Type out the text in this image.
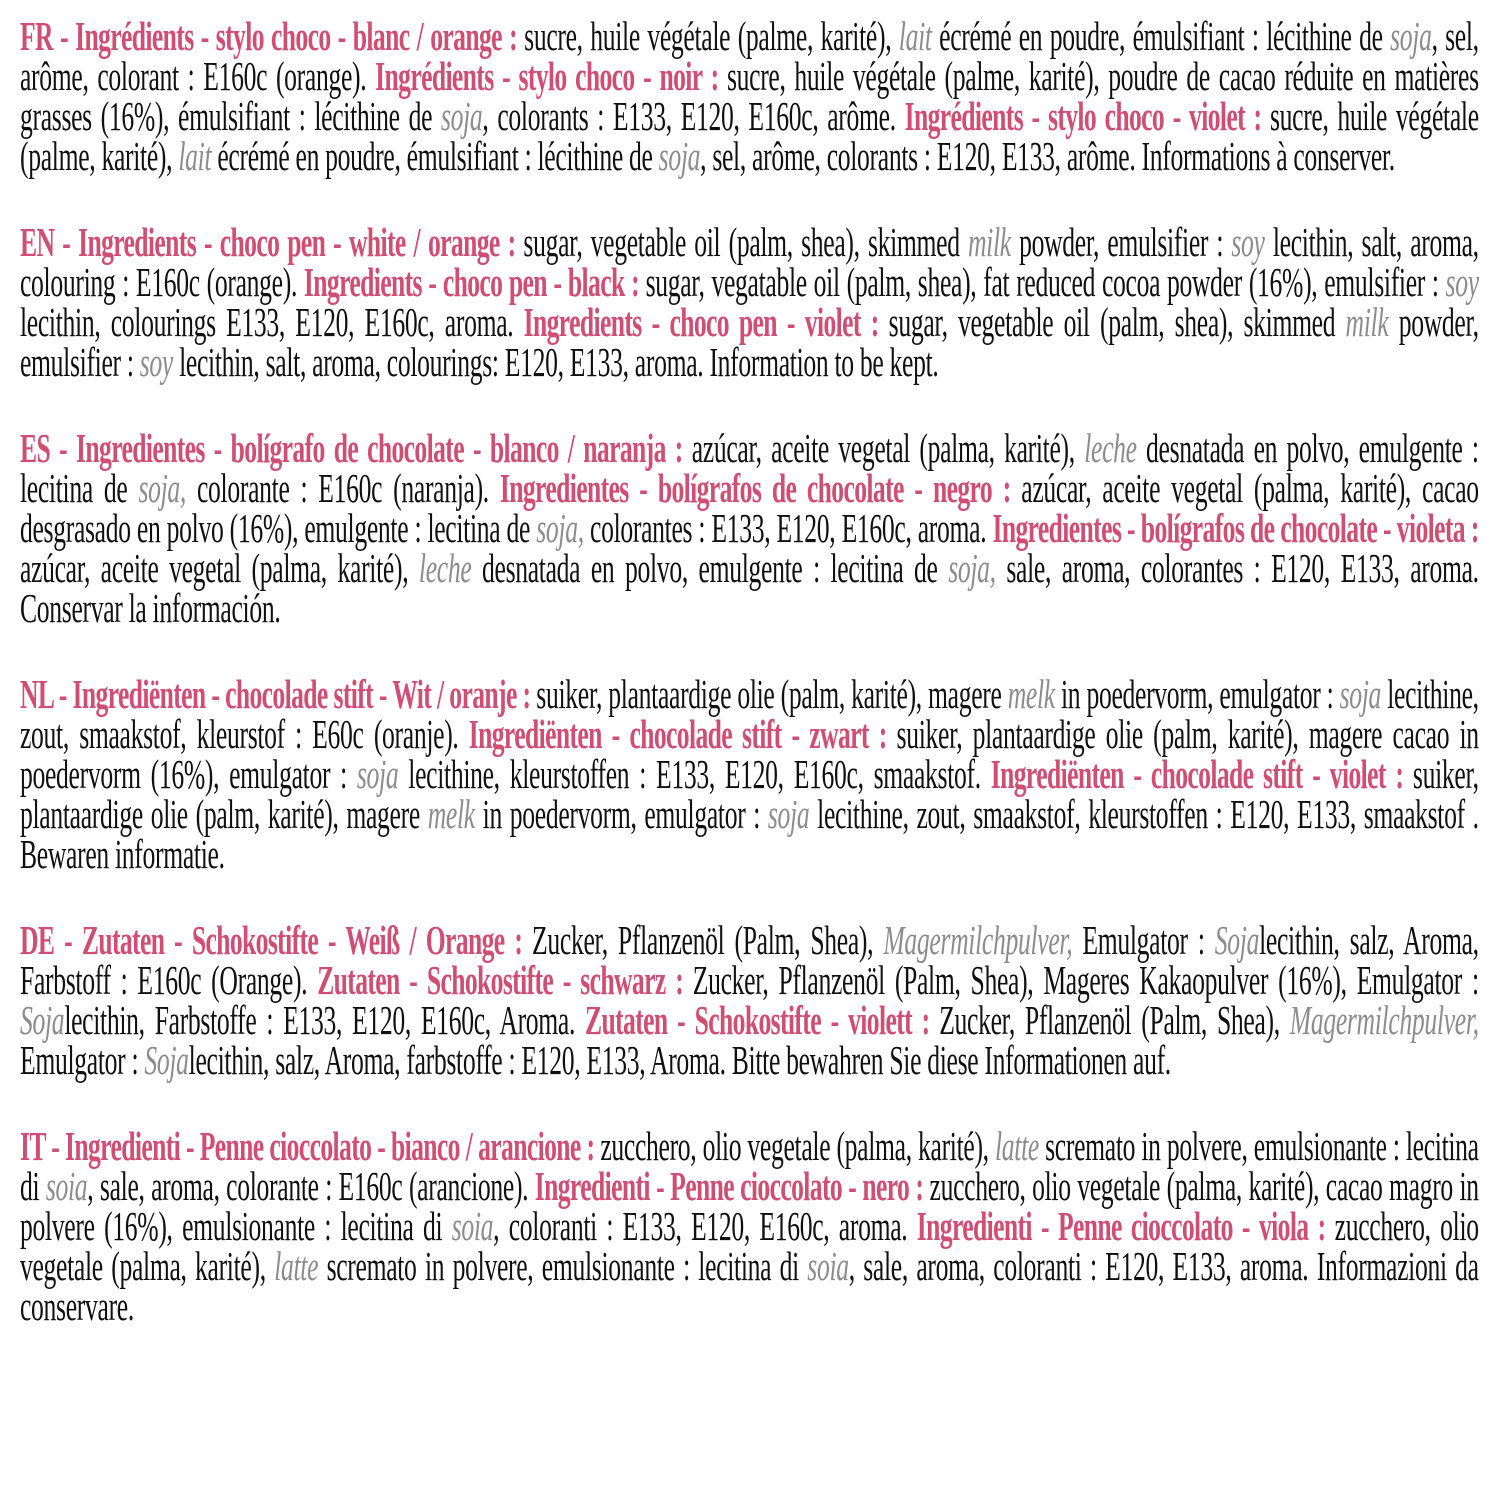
FR - Ingrédients - stylo choco - blanc / orange : sucre, huile végétale (palme, karité), lait écrémé en poudre, émulsifiant : lécithine de soja, sel, arôme, colorant : E160c (orange). Ingrédients - stylo choco - noir : sucre, huile végétale (palme, karité), poudre de cacao réduite en matières grasses (16%), émulsifiant : lécithine de soja, colorants : E133, E120, E160c, arôme. Ingrédients - stylo choco - violet : sucre, huile végétale (palme, karité), lait écrémé en poudre, émulsifiant : lécithine de soja, sel, arôme, colorants : E120, E133, arôme. Informations à conserver.

EN - Ingredients - choco pen - white / orange : sugar, vegetable oil (palm, shea), skimmed milk powder, emulsifier : soy lecithin, salt, aroma, colouring : E160c (orange). Ingredients - choco pen - black : sugar, vegatable oil (palm, shea), fat reduced cocoa powder (16%), emulsifier : soy lecithin, colourings E133, E120, E160c, aroma. Ingredients - choco pen - violet : sugar, vegetable oil (palm, shea), skimmed milk powder, emulsifier : soy lecithin, salt, aroma, colourings: E120, E133, aroma. Information to be kept.

ES - Ingredientes - bolígrafo de chocolate - blanco / naranja : azúcar, aceite vegetal (palma, karité), leche desnatada en polvo, emulgente : lecitina de soja, colorante : E160c (naranja). Ingredientes - bolígrafos de chocolate - negro : azúcar, aceite vegetal (palma, karité), cacao desgrasado en polvo (16%), emulgente : lecitina de soja, colorantes : E133, E120, E160c, aroma. Ingredientes - bolígrafos de chocolate - violeta : azúcar, aceite vegetal (palma, karité), leche desnatada en polvo, emulgente : lecitina de soja, sale, aroma, colorantes : E120, E133, aroma. Conservar la información.

NL - Ingrediënten - chocolade stift - Wit / oranje : suiker, plantaardige olie (palm, karité), magere melk in poedervorm, emulgator : soja lecithine, zout, smaakstof, kleurstof : E60c (oranje). Ingrediënten - chocolade stift - zwart : suiker, plantaardige olie (palm, karité), magere cacao in poedervorm (16%), emulgator : soja lecithine, kleurstoffen : E133, E120, E160c, smaakstof. Ingrediënten - chocolade stift - violet : suiker, plantaardige olie (palm, karité), magere melk in poedervorm, emulgator : soja lecithine, zout, smaakstof, kleurstoffen : E120, E133, smaakstof . Bewaren informatie.

DE - Zutaten - Schokostifte - Weiß / Orange : Zucker, Pflanzenöl (Palm, Shea), Magermilchpulver, Emulgator : Sojalecithin, salz, Aroma, Farbstoff : E160c (Orange). Zutaten - Schokostifte - schwarz : Zucker, Pflanzenöl (Palm, Shea), Mageres Kakaopulver (16%), Emulgator : Sojalecithin, Farbstoffe : E133, E120, E160c, Aroma. Zutaten - Schokostifte - violett : Zucker, Pflanzenöl (Palm, Shea), Magermilchpulver, Emulgator : Sojalecithin, salz, Aroma, farbstoffe : E120, E133, Aroma. Bitte bewahren Sie diese Informationen auf.

IT - Ingredienti - Penne cioccolato - bianco / arancione : zucchero, olio vegetale (palma, karité), latte scremato in polvere, emulsionante : lecitina di soia, sale, aroma, colorante : E160c (arancione). Ingredienti - Penne cioccolato - nero : zucchero, olio vegetale (palma, karité), cacao magro in polvere (16%), emulsionante : lecitina di soia, coloranti : E133, E120, E160c, aroma. Ingredienti - Penne cioccolato - viola : zucchero, olio vegetale (palma, karité), latte scremato in polvere, emulsionante : lecitina di soia, sale, aroma, coloranti : E120, E133, aroma. Informazioni da conservare.
